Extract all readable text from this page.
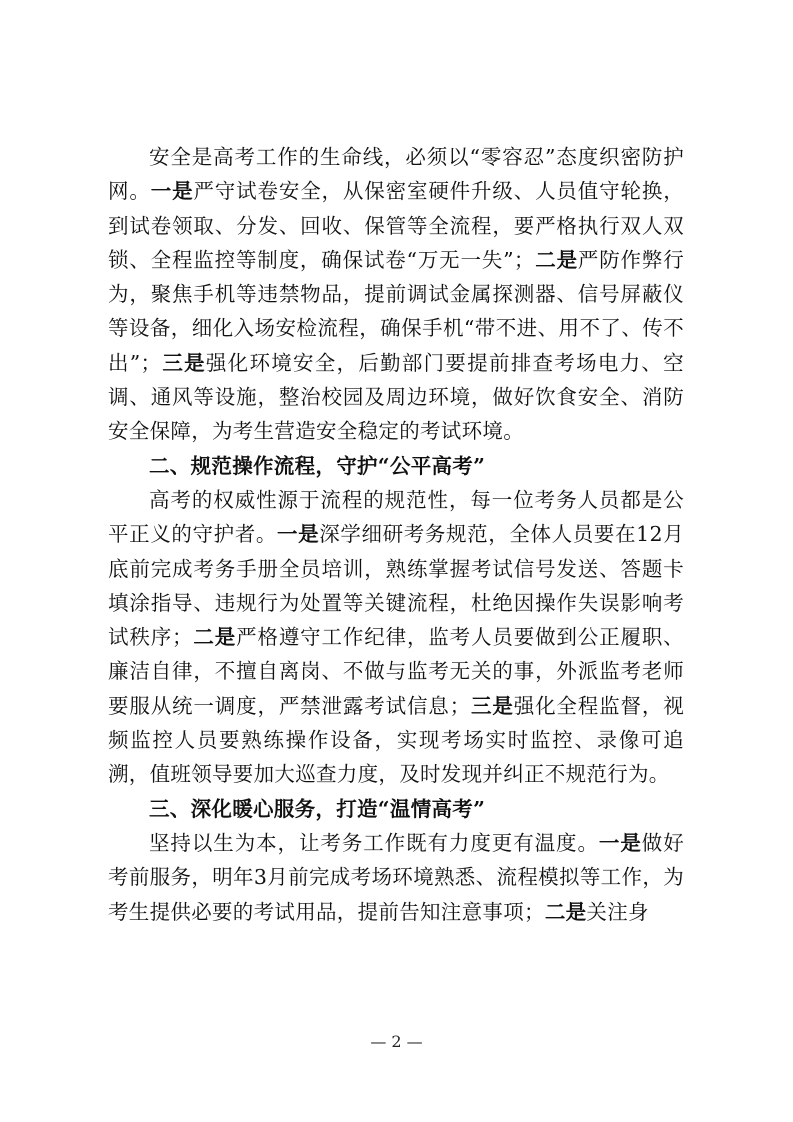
安全是高考工作的生命线，必须以“零容忍”态度织密防护网。一是严守试卷安全，从保密室硬件升级、人员值守轮换，到试卷领取、分发、回收、保管等全流程，要严格执行双人双锁、全程监控等制度，确保试卷“万无一失”；二是严防作弊行为，聚焦手机等违禁物品，提前调试金属探测器、信号屏蔽仪等设备，细化入场安检流程，确保手机“带不进、用不了、传不出”；三是强化环境安全，后勤部门要提前排查考场电力、空调、通风等设施，整治校园及周边环境，做好饮食安全、消防安全保障，为考生营造安全稳定的考试环境。

二、规范操作流程，守护“公平高考”

高考的权威性源于流程的规范性，每一位考务人员都是公平正义的守护者。一是深学细研考务规范，全体人员要在12月底前完成考务手册全员培训，熟练掌握考试信号发送、答题卡填涂指导、违规行为处置等关键流程，杜绝因操作失误影响考试秩序；二是严格遵守工作纪律，监考人员要做到公正履职、廉洁自律，不擅自离岗、不做与监考无关的事，外派监考老师要服从统一调度，严禁泄露考试信息；三是强化全程监督，视频监控人员要熟练操作设备，实现考场实时监控、录像可追溯，值班领导要加大巡查力度，及时发现并纠正不规范行为。

三、深化暖心服务，打造“温情高考”

坚持以生为本，让考务工作既有力度更有温度。一是做好考前服务，明年3月前完成考场环境熟悉、流程模拟等工作，为考生提供必要的考试用品，提前告知注意事项；二是关注身

— 2 —
